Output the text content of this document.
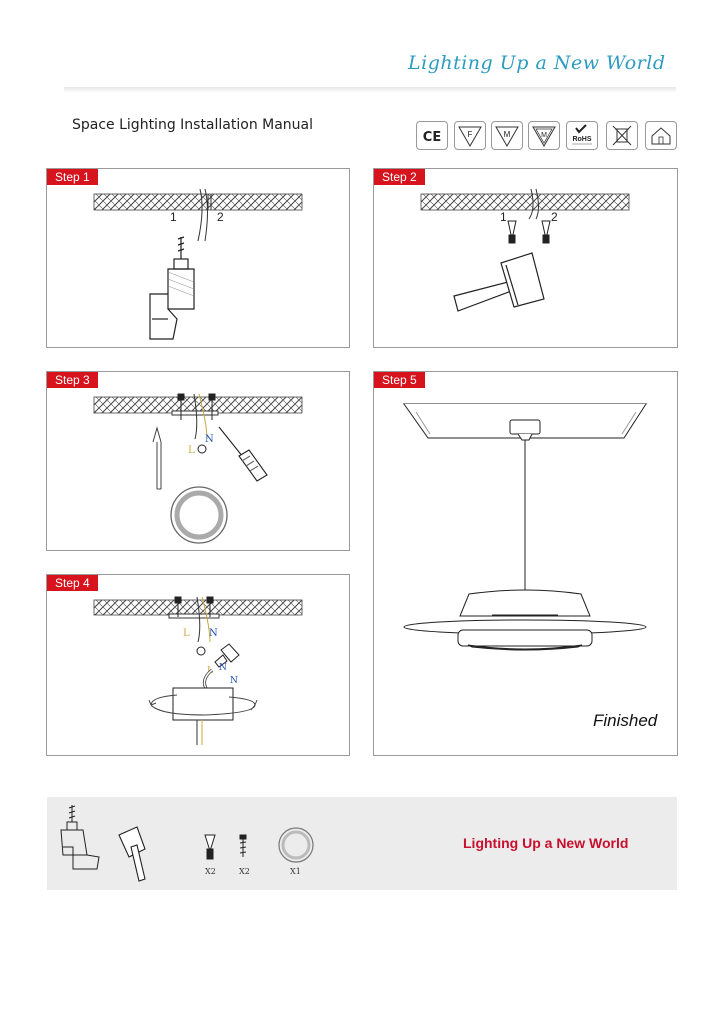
Lighting Up a New World
Space Lighting Installation Manual
CE	F	M	M
RoHS
1	2
Step 1
1	2
Step 2
L
N
Step 3
L N
L N
N
Step 4
Step 5
Finished
X2	X2	X1
Lighting Up a New World
